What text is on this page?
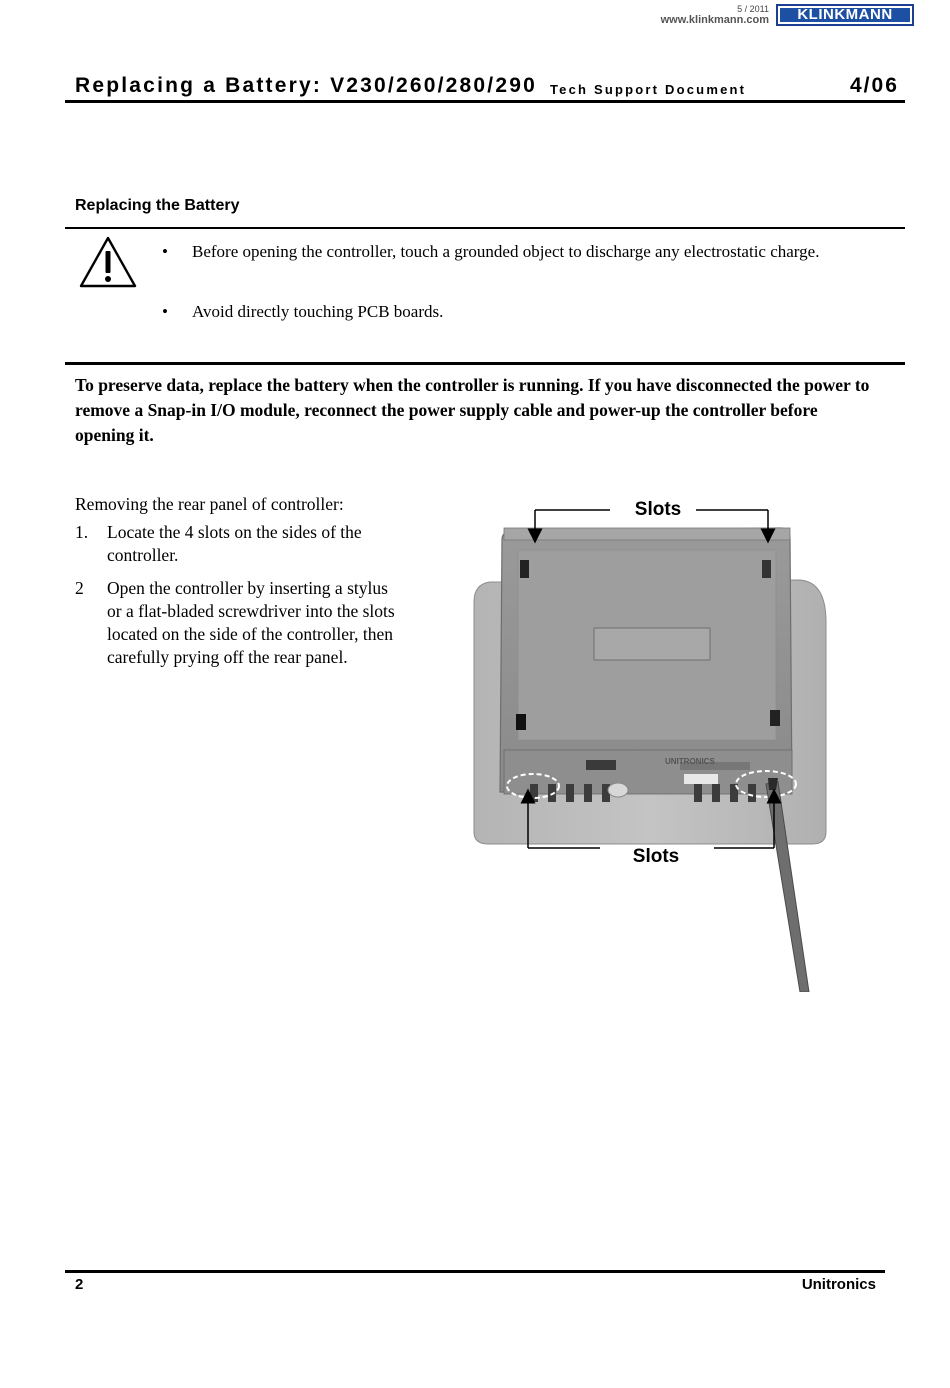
5 / 2011
www.klinkmann.com	KLINKMANN
Replacing a Battery: V230/260/280/290 Tech Support Document	4/06
Replacing the Battery
• Before opening the controller, touch a grounded object to discharge any electrostatic charge.
• Avoid directly touching PCB boards.
To preserve data, replace the battery when the controller is running. If you have disconnected the power to remove a Snap-in I/O module, reconnect the power supply cable and power-up the controller before opening it.
Removing the rear panel of controller:
1. Locate the 4 slots on the sides of the controller.
2 Open the controller by inserting a stylus or a flat-bladed screwdriver into the slots located on the side of the controller, then carefully prying off the rear panel.
UNITRONICS
Slots
Slots
2	Unitronics
